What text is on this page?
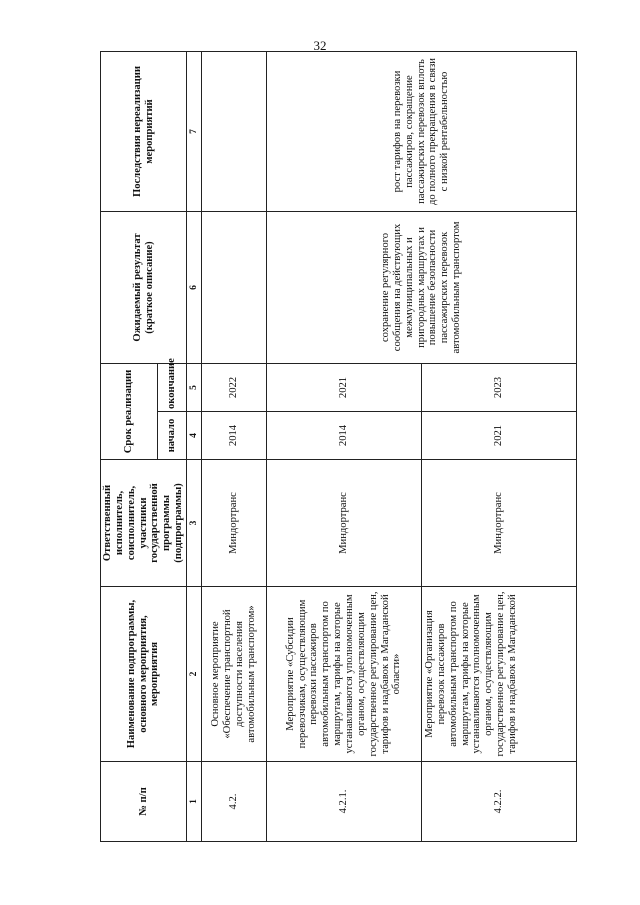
32
№ п/п	Наименование подпрограммы, основного мероприятия, мероприятия	Ответственный исполнитель, соисполнитель, участники государственной программы (подпрограммы)	Срок реализации		Ожидаемый результат (краткое описание)	Последствия нереализации мероприятий
			начало	окончание		
1	2	3	4	5	6	7
4.2.	Основное мероприятие «Обеспечение транспортной доступности населения автомобильным транспортом»	Миндортранс	2014	2022		
4.2.1.	Мероприятие «Субсидии перевозчикам, осуществляющим перевозки пассажиров автомобильным транспортом по маршрутам, тарифы на которые устанавливаются уполномоченным органом, осуществляющим государственное регулирование цен, тарифов и надбавок в Магаданской области»	Миндортранс	2014	2021	сохранение регулярного сообщения на действующих межмуниципальных и пригородных маршрутах и повышение безопасности пассажирских перевозок автомобильным транспортом	рост тарифов на перевозки пассажиров, сокращение пассажирских перевозок вплоть до полного прекращения в связи с низкой рентабельностью
4.2.2.	Мероприятие «Организация перевозок пассажиров автомобильным транспортом по маршрутам, тарифы на которые устанавливаются уполномоченным органом, осуществляющим государственное регулирование цен, тарифов и надбавок в Магаданской	Миндортранс	2021	2023		
